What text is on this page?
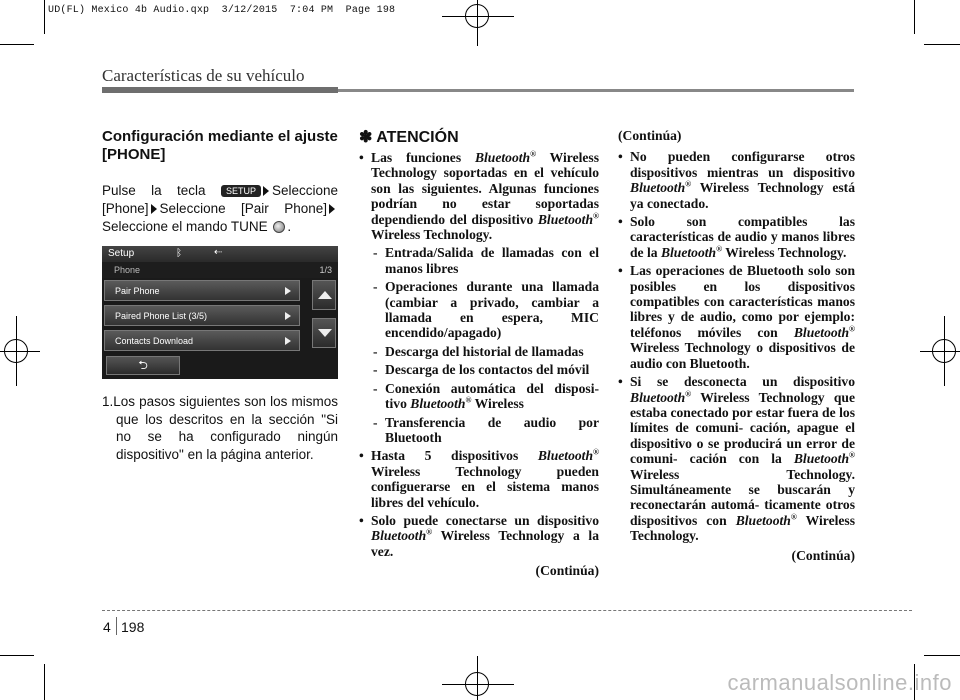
UD(FL) Mexico 4b Audio.qxp  3/12/2015  7:04 PM  Page 198
Características de su vehículo
Configuración mediante el ajuste [PHONE]
Pulse la tecla SETUP Seleccione [Phone] Seleccione [Pair Phone] Seleccione el mando TUNE .
Setup	ᛒ	⇠
Phone	1/3
Pair Phone
Paired Phone List (3/5)
Contacts Download
⮌
1.Los pasos siguientes son los mismos que los descritos en la sección "Si no se ha configurado ningún dispositivo" en la página anterior.
✽ ATENCIÓN
• Las funciones Bluetooth® Wireless Technology soportadas en el vehículo son las siguientes. Algunas funciones podrían no estar soportadas dependiendo del dispositivo Bluetooth® Wireless Technology.
- Entrada/Salida de llamadas con el manos libres
- Operaciones durante una llamada (cambiar a privado, cambiar a llamada en espera, MIC encendido/apagado)
- Descarga del historial de llamadas
- Descarga de los contactos del móvil
- Conexión automática del disposi- tivo Bluetooth® Wireless
- Transferencia de audio por Bluetooth
• Hasta 5 dispositivos Bluetooth® Wireless Technology pueden configuerarse en el sistema manos libres del vehículo.
• Solo puede conectarse un dispositivo Bluetooth® Wireless Technology a la vez.
(Continúa)
(Continúa)
• No pueden configurarse otros dispositivos mientras un dispositivo Bluetooth® Wireless Technology está ya conectado.
• Solo son compatibles las características de audio y manos libres de la Bluetooth® Wireless Technology.
• Las operaciones de Bluetooth solo son posibles en los dispositivos compatibles con características manos libres y de audio, como por ejemplo: teléfonos móviles con Bluetooth® Wireless Technology o dispositivos de audio con Bluetooth.
• Si se desconecta un dispositivo Bluetooth® Wireless Technology que estaba conectado por estar fuera de los límites de comuni- cación, apague el dispositivo o se producirá un error de comuni- cación con la Bluetooth® Wireless Technology. Simultáneamente se buscarán y reconectarán automá- ticamente otros dispositivos con Bluetooth® Wireless Technology.
(Continúa)
4 198
carmanualsonline.info
